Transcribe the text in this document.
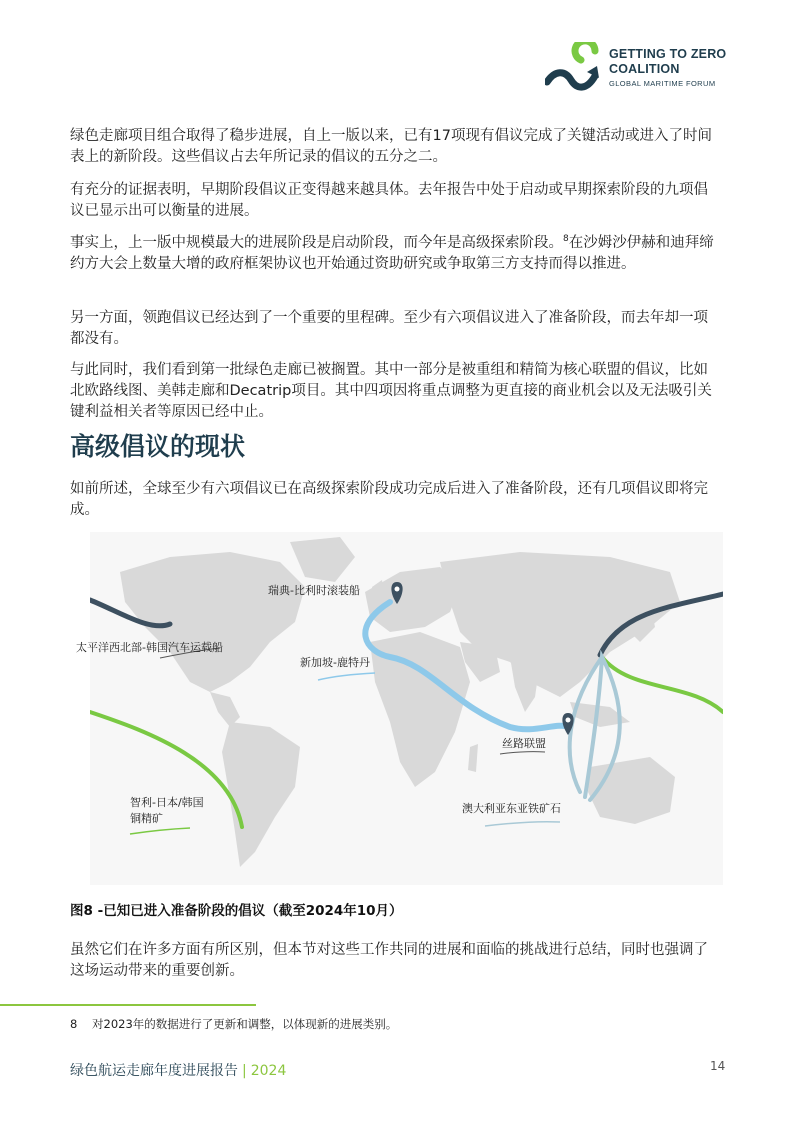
GETTING TO ZERO
COALITION
GLOBAL MARITIME FORUM

绿色走廊项目组合取得了稳步进展，自上一版以来，已有17项现有倡议完成了关键活动或进入了时间表上的新阶段。这些倡议占去年所记录的倡议的五分之二。

有充分的证据表明，早期阶段倡议正变得越来越具体。去年报告中处于启动或早期探索阶段的九项倡议已显示出可以衡量的进展。

事实上，上一版中规模最大的进展阶段是启动阶段，而今年是高级探索阶段。$^8$在沙姆沙伊赫和迪拜缔约方大会上数量大增的政府框架协议也开始通过资助研究或争取第三方支持而得以推进。

另一方面，领跑倡议已经达到了一个重要的里程碑。至少有六项倡议进入了准备阶段，而去年却一项都没有。

与此同时，我们看到第一批绿色走廊已被搁置。其中一部分是被重组和精简为核心联盟的倡议，比如北欧路线图、美韩走廊和Decatrip项目。其中四项因将重点调整为更直接的商业机会以及无法吸引关键利益相关者等原因已经中止。

高级倡议的现状

如前所述，全球至少有六项倡议已在高级探索阶段成功完成后进入了准备阶段，还有几项倡议即将完成。

瑞典-比利时滚装船
太平洋西北部-韩国汽车运载船
新加坡-鹿特丹
丝路联盟
智利-日本/韩国
铜精矿
澳大利亚东亚铁矿石

图8 -已知已进入准备阶段的倡议（截至2024年10月）

虽然它们在许多方面有所区别，但本节对这些工作共同的进展和面临的挑战进行总结，同时也强调了这场运动带来的重要创新。

8 对2023年的数据进行了更新和调整，以体现新的进展类别。

绿色航运走廊年度进展报告 | 2024	14
